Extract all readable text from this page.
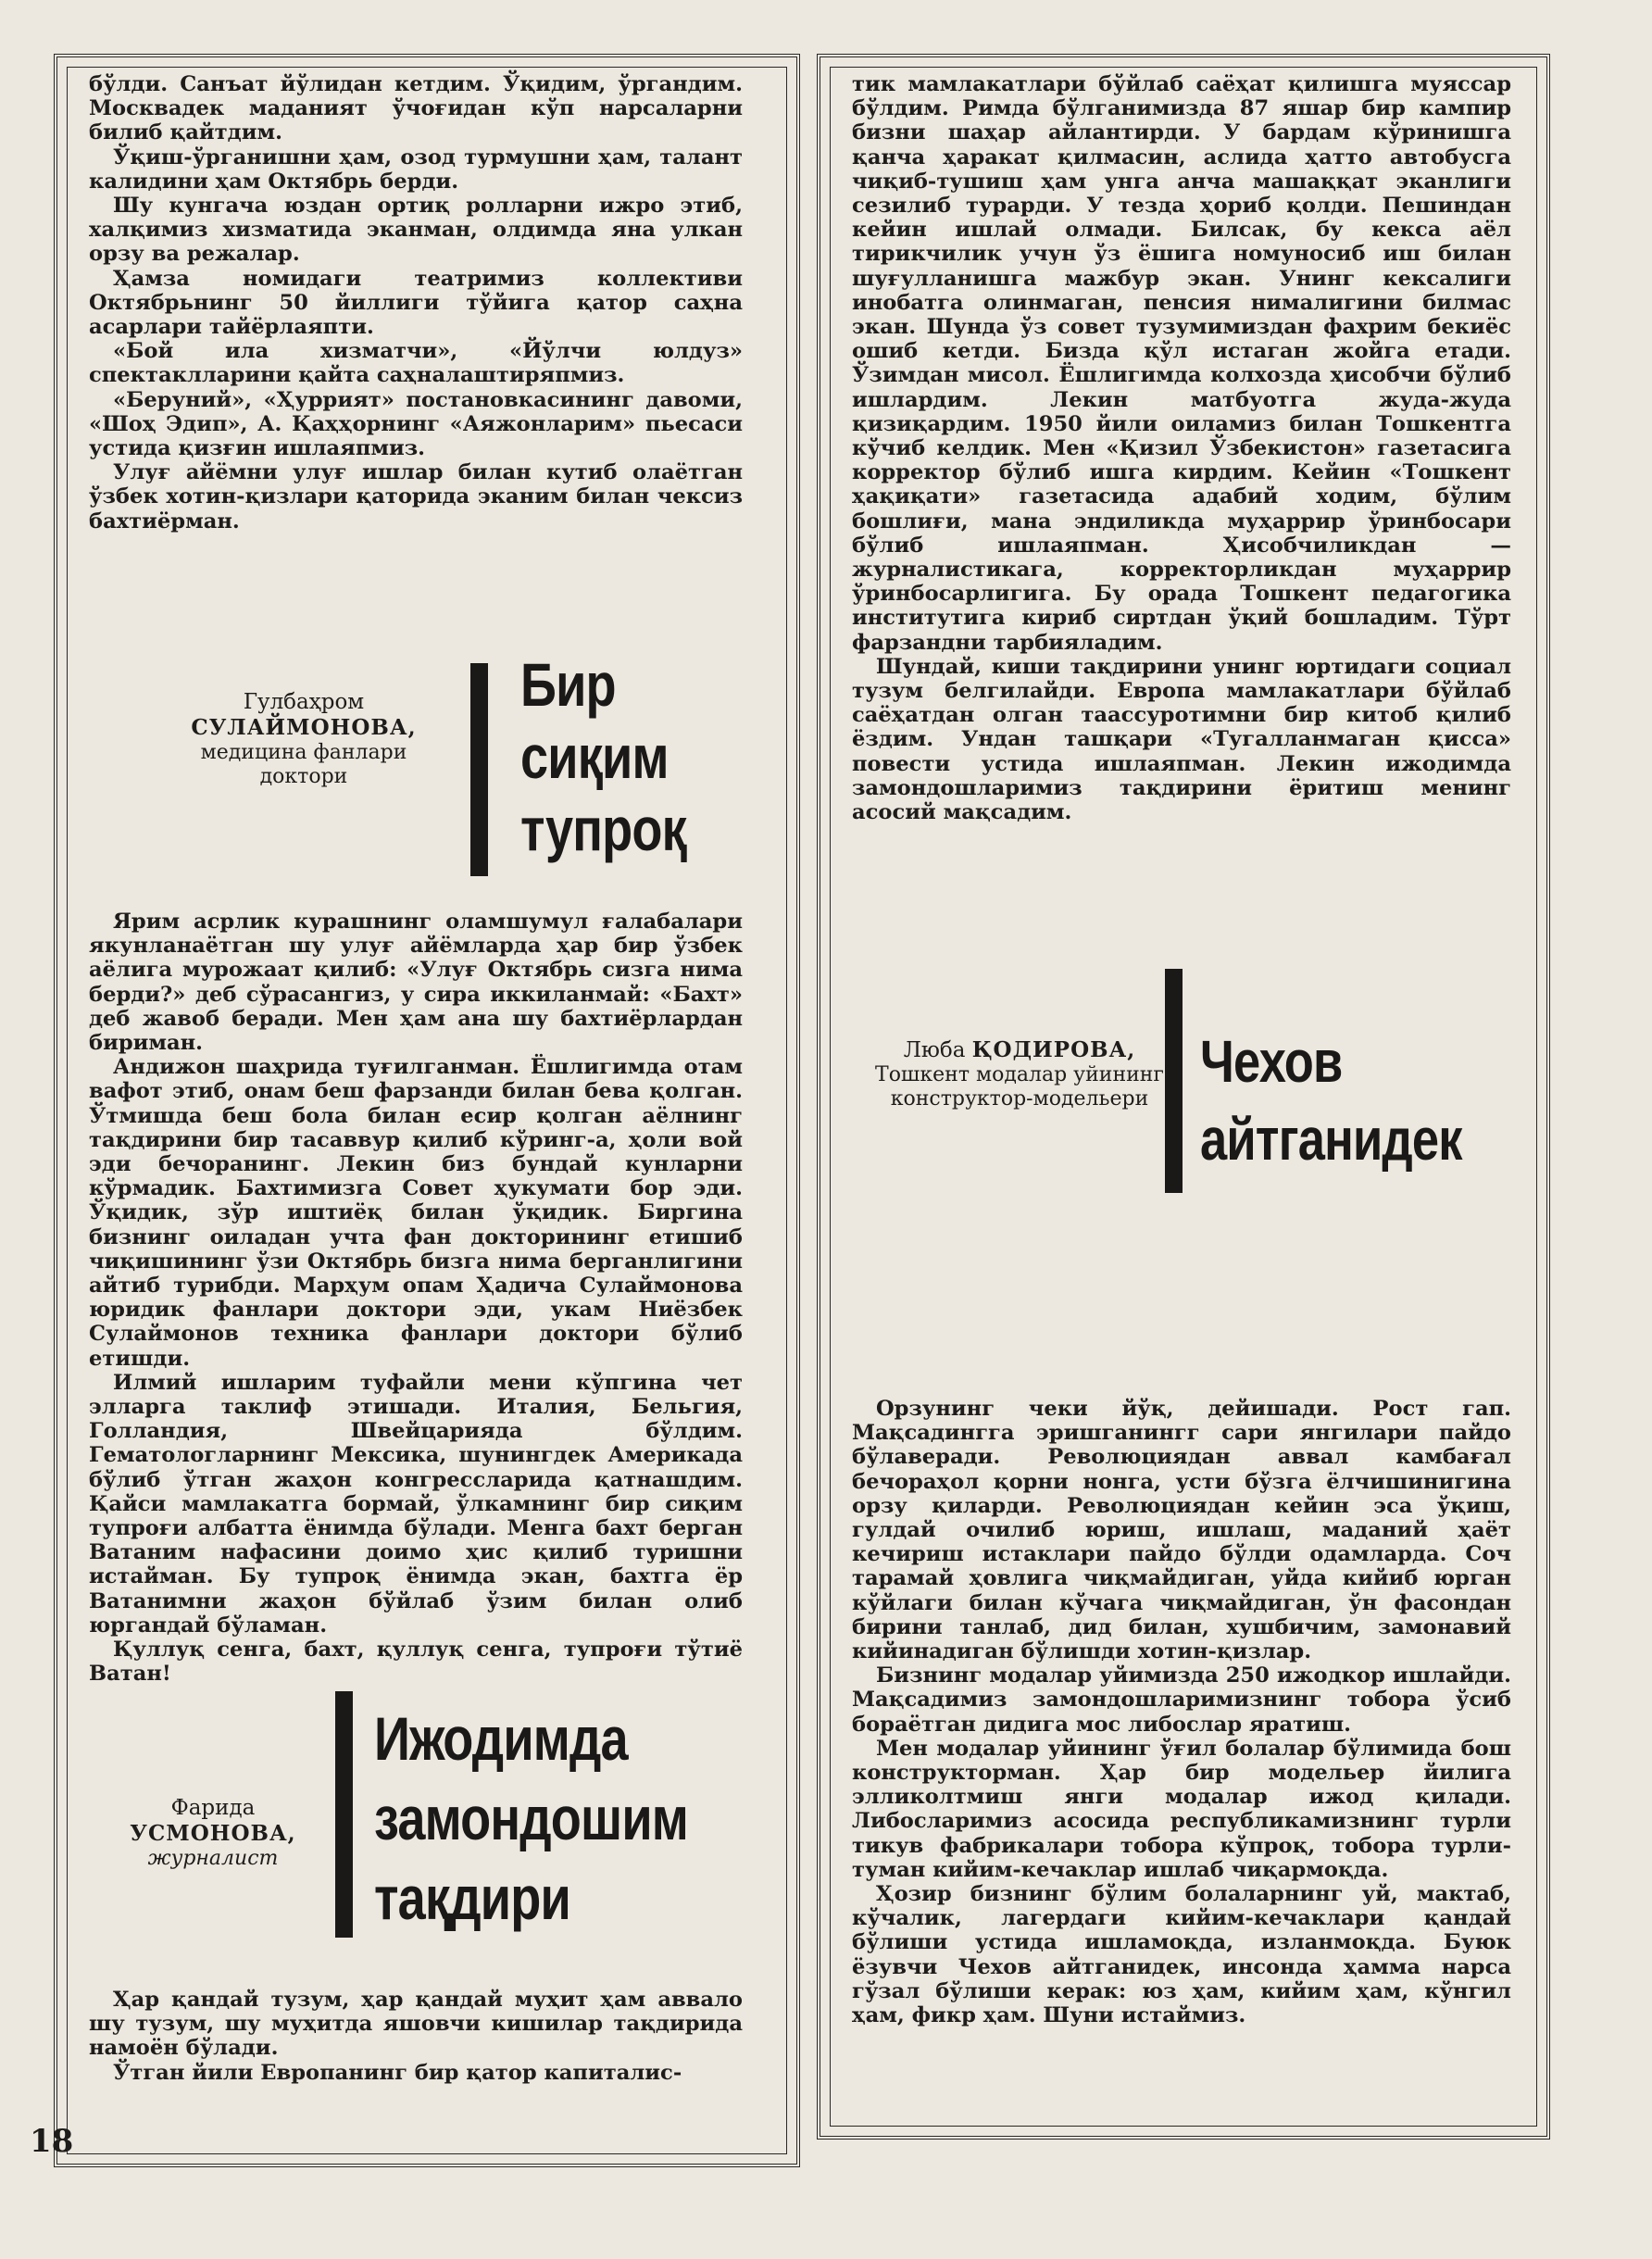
бўлди. Санъат йўлидан кетдим. Ўқидим, ўргандим. Москвадек маданият ўчоғидан кўп нарсаларни билиб қайтдим.

Ўқиш-ўрганишни ҳам, озод турмушни ҳам, талант калидини ҳам Октябрь берди.

Шу кунгача юздан ортиқ ролларни ижро этиб, халқимиз хизматида эканман, олдимда яна улкан орзу ва режалар.

Ҳамза номидаги театримиз коллективи Октябрьнинг 50 йиллиги тўйига қатор саҳна асарлари тайёрлаяпти.

«Бой ила хизматчи», «Йўлчи юлдуз» спектаклларини қайта саҳналаштиряпмиз.

«Беруний», «Ҳуррият» постановкасининг давоми, «Шоҳ Эдип», А. Қаҳҳорнинг «Аяжонларим» пьесаси устида қизғин ишлаяпмиз.

Улуғ айёмни улуғ ишлар билан кутиб олаётган ўзбек хотин-қизлари қаторида эканим билан чексиз бахтиёрман.

Гулбаҳром
СУЛАЙМОНОВА,
медицина фанлари доктори
Бир
сиқим
тупроқ

Ярим асрлик курашнинг оламшумул ғалабалари якунланаётган шу улуғ айёмларда ҳар бир ўзбек аёлига мурожаат қилиб: «Улуғ Октябрь сизга нима берди?» деб сўрасангиз, у сира иккиланмай: «Бахт» деб жавоб беради. Мен ҳам ана шу бахтиёрлардан бириман.

Андижон шаҳрида туғилганман. Ёшлигимда отам вафот этиб, онам беш фарзанди билан бева қолган. Ўтмишда беш бола билан есир қолган аёлнинг тақдирини бир тасаввур қилиб кўринг-а, ҳоли вой эди бечоранинг. Лекин биз бундай кунларни кўрмадик. Бахтимизга Совет ҳукумати бор эди. Ўқидик, зўр иштиёқ билан ўқидик. Биргина бизнинг оиладан учта фан докторининг етишиб чиқишининг ўзи Октябрь бизга нима берганлигини айтиб турибди. Марҳум опам Ҳадича Сулаймонова юридик фанлари доктори эди, укам Ниёзбек Сулаймонов техника фанлари доктори бўлиб етишди.

Илмий ишларим туфайли мени кўпгина чет элларга таклиф этишади. Италия, Бельгия, Голландия, Швейцарияда бўлдим. Гематологларнинг Мексика, шунингдек Америкада бўлиб ўтган жаҳон конгрессларида қатнашдим. Қайси мамлакатга бормай, ўлкамнинг бир сиқим тупроғи албатта ёнимда бўлади. Менга бахт берган Ватаним нафасини доимо ҳис қилиб туришни истайман. Бу тупроқ ёнимда экан, бахтга ёр Ватанимни жаҳон бўйлаб ўзим билан олиб юргандай бўламан.

Қуллуқ сенга, бахт, қуллуқ сенга, тупроғи тўтиё Ватан!

Фарида
УСМОНОВА,
журналист
Ижодимда
замондошим
тақдири

Ҳар қандай тузум, ҳар қандай муҳит ҳам аввало шу тузум, шу муҳитда яшовчи кишилар тақдирида намоён бўлади.

Ўтган йили Европанинг бир қатор капиталис-

тик мамлакатлари бўйлаб саёҳат қилишга муяссар бўлдим. Римда бўлганимизда 87 яшар бир кампир бизни шаҳар айлантирди. У бардам кўринишга қанча ҳаракат қилмасин, аслида ҳатто автобусга чиқиб-тушиш ҳам унга анча машаққат эканлиги сезилиб турарди. У тезда ҳориб қолди. Пешиндан кейин ишлай олмади. Билсак, бу кекса аёл тирикчилик учун ўз ёшига номуносиб иш билан шуғулланишга мажбур экан. Унинг кексалиги инобатга олинмаган, пенсия нималигини билмас экан. Шунда ўз совет тузумимиздан фахрим бекиёс ошиб кетди. Бизда қўл истаган жойга етади. Ўзимдан мисол. Ёшлигимда колхозда ҳисобчи бўлиб ишлардим. Лекин матбуотга жуда-жуда қизиқардим. 1950 йили оиламиз билан Тошкентга кўчиб келдик. Мен «Қизил Ўзбекистон» газетасига корректор бўлиб ишга кирдим. Кейин «Тошкент ҳақиқати» газетасида адабий ходим, бўлим бошлиғи, мана эндиликда муҳаррир ўринбосари бўлиб ишлаяпман. Ҳисобчиликдан — журналистикага, корректорликдан муҳаррир ўринбосарлигига. Бу орада Тошкент педагогика институтига кириб сиртдан ўқий бошладим. Тўрт фарзандни тарбияладим.

Шундай, киши тақдирини унинг юртидаги социал тузум белгилайди. Европа мамлакатлари бўйлаб саёҳатдан олган таассуротимни бир китоб қилиб ёздим. Ундан ташқари «Тугалланмаган қисса» повести устида ишлаяпман. Лекин ижодимда замондошларимиз тақдирини ёритиш менинг асосий мақсадим.

Люба ҚОДИРОВА,
Тошкент модалар уйининг конструктор-модельери
Чехов
айтганидек

Орзунинг чеки йўқ, дейишади. Рост гап. Мақсадингга эришганингг сари янгилари пайдо бўлаверади. Революциядан аввал камбағал бечораҳол қорни нонга, усти бўзга ёлчишинигина орзу қиларди. Революциядан кейин эса ўқиш, гулдай очилиб юриш, ишлаш, маданий ҳаёт кечириш истаклари пайдо бўлди одамларда. Соч тарамай ҳовлига чиқмайдиган, уйда кийиб юрган кўйлаги билан кўчага чиқмайдиган, ўн фасондан бирини танлаб, дид билан, хушбичим, замонавий кийинадиган бўлишди хотин-қизлар.

Бизнинг модалар уйимизда 250 ижодкор ишлайди. Мақсадимиз замондошларимизнинг тобора ўсиб бораётган дидига мос либослар яратиш.

Мен модалар уйининг ўғил болалар бўлимида бош конструкторман. Ҳар бир модельер йилига элликолтмиш янги модалар ижод қилади. Либосларимиз асосида республикамизнинг турли тикув фабрикалари тобора кўпроқ, тобора турли-туман кийим-кечаклар ишлаб чиқармоқда.

Ҳозир бизнинг бўлим болаларнинг уй, мактаб, кўчалик, лагердаги кийим-кечаклари қандай бўлиши устида ишламоқда, изланмоқда. Буюк ёзувчи Чехов айтганидек, инсонда ҳамма нарса гўзал бўлиши керак: юз ҳам, кийим ҳам, кўнгил ҳам, фикр ҳам. Шуни истаймиз.

18
